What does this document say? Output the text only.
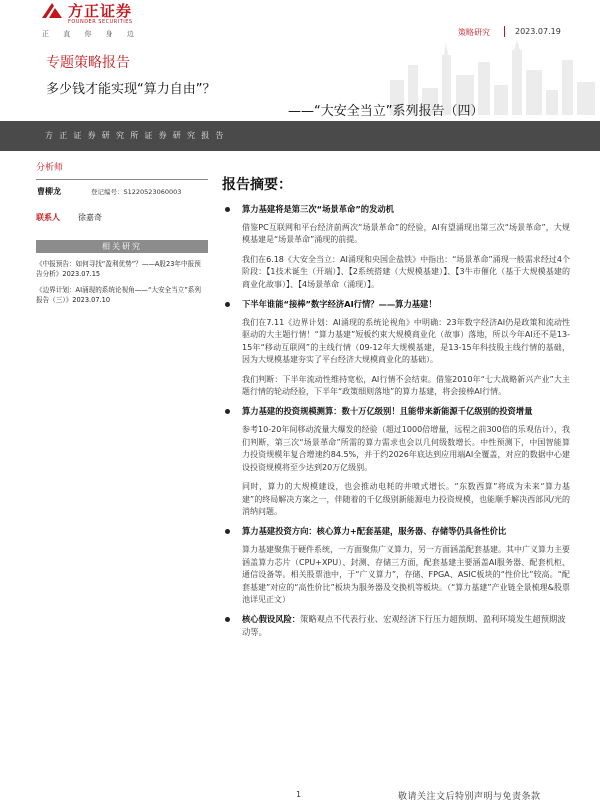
方正证券
FOUNDER SECURITIES
正 直 你 身 边	策略研究	2023.07.19
专题策略报告
多少钱才能实现“算力自由”？
——“大安全当立”系列报告（四）
方正证券研究所证券研究报告
分析师
曹柳龙	登记编号：S1220523060003
联系人 徐嘉奇
相关研究
《中报预告：如何寻找“盈利优势”？——A股23年中报预告分析》2023.07.15
《边界计划：AI涌现的系统论视角——“大安全当立”系列报告（三）》2023.07.10
报告摘要：
算力基建将是第三次“场景革命”的发动机
借鉴PC互联网和平台经济前两次“场景革命”的经验，AI有望涌现出第三次“场景革命”，大规模基建是“场景革命”涌现的前提。
我们在6.18《大安全当立：AI涌现和央国企盐铁》中指出：“场景革命”涌现一般需求经过4个阶段：【1技术诞生（开端）】、【2系统搭建（大规模基建）】、【3牛市催化（基于大规模基建的商业化故事）】、【4场景革命（涌现）】。
下半年谁能“接棒”数字经济AI行情？——算力基建！
我们在7.11《边界计划：AI涌现的系统论视角》中明确：23年数字经济AI仍是政策和流动性驱动的大主题行情！“算力基建”短板约束大规模商业化（故事）落地，所以今年AI还不是13-15年“移动互联网”的主线行情（09-12年大规模基建，是13-15年科技股主线行情的基础，因为大规模基建夯实了平台经济大规模商业化的基础）。
我们判断：下半年流动性维持宽松，AI行情不会结束。借鉴2010年“七大战略新兴产业”大主题行情的轮动经验，下半年“政策细则落地”的算力基建，将会接棒AI行情。
算力基建的投资规模测算：数十万亿级别！且能带来新能源千亿级别的投资增量
参考10-20年间移动流量大爆发的经验（超过1000倍增量，远程之前300倍的乐观估计），我们判断，第三次“场景革命”所需的算力需求也会以几何级数增长。中性预测下，中国智能算力投资规模年复合增速约84.5%，并于约2026年底达到应用端AI全覆盖，对应的数据中心建设投资规模将至少达到20万亿级别。
同时，算力的大规模建设，也会推动电耗的井喷式增长。“东数西算”将成为未来“算力基建”的终局解决方案之一，伴随着的千亿级别新能源电力投资规模，也能顺手解决西部风/光的消纳问题。
算力基建投资方向：核心算力+配套基建，服务器、存储等仍具备性价比
算力基建聚焦于硬件系统，一方面聚焦广义算力，另一方面涵盖配套基建。其中广义算力主要涵盖算力芯片（CPU+XPU）、封测、存储三方面，配套基建主要涵盖AI服务器、配套机柜、通信设备等。相关股票池中，于“广义算力”，存储、FPGA、ASIC板块的“性价比”较高。“配套基建”对应的“高性价比”板块为服务器及交换机等板块。（“算力基建”产业链全景梳理&股票池详见正文）
核心假设风险：策略观点不代表行业、宏观经济下行压力超预期、盈利环境发生超预期波动等。
1	敬请关注文后特别声明与免责条款
